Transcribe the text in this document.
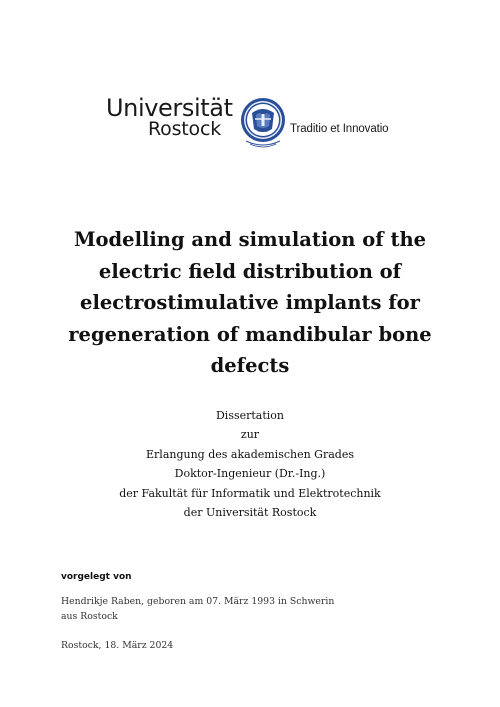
Universität
Rostock	Traditio et Innovatio
Modelling and simulation of the
electric field distribution of
electrostimulative implants for
regeneration of mandibular bone
defects
Dissertation
zur
Erlangung des akademischen Grades
Doktor-Ingenieur (Dr.-Ing.)
der Fakultät für Informatik und Elektrotechnik
der Universität Rostock
vorgelegt von
Hendrikje Raben, geboren am 07. März 1993 in Schwerin
aus Rostock
Rostock, 18. März 2024
